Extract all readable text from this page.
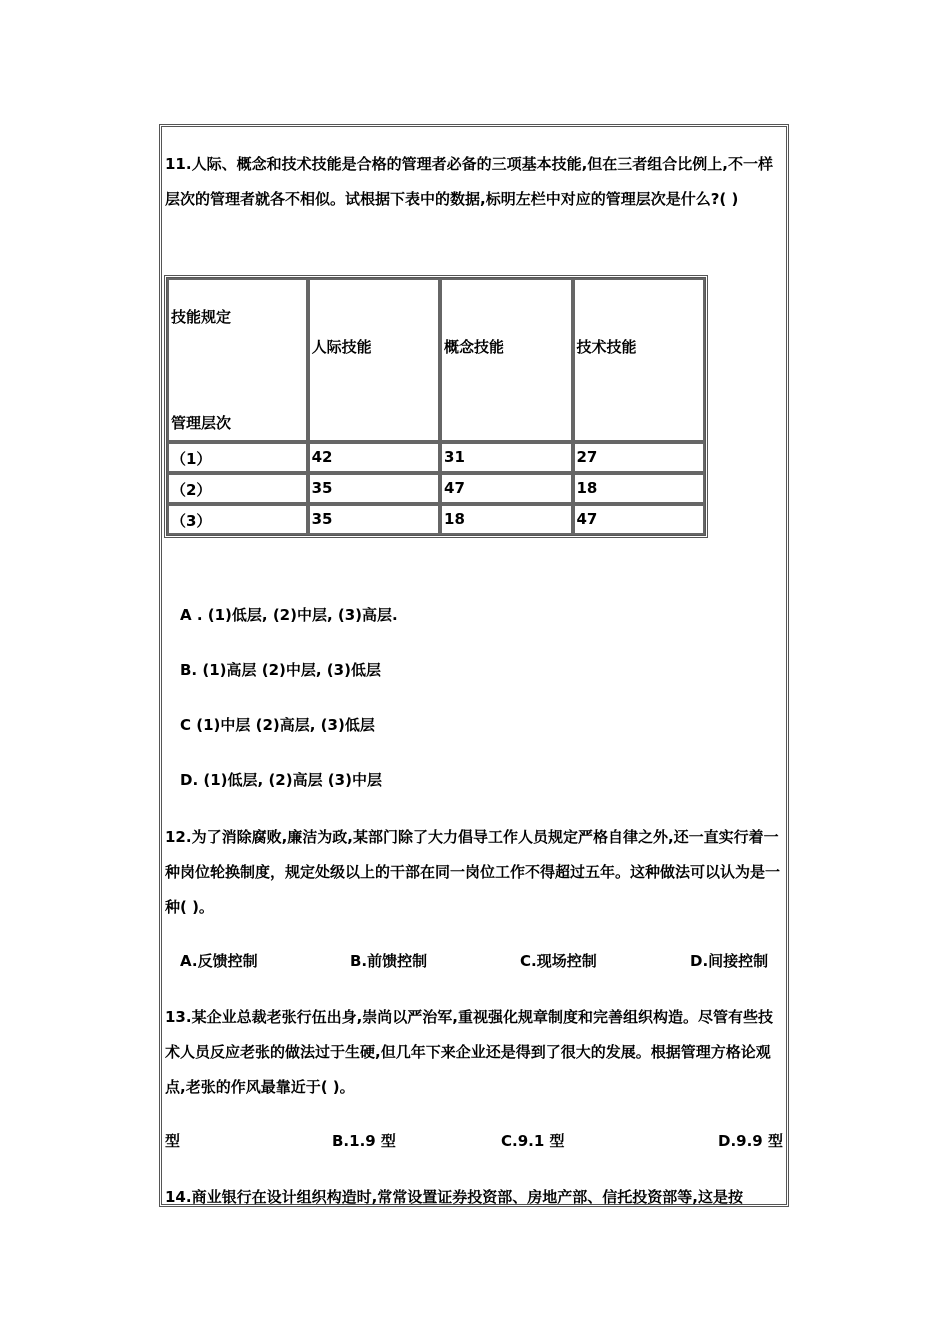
11.人际、概念和技术技能是合格的管理者必备的三项基本技能,但在三者组合比例上,不一样层次的管理者就各不相似。试根据下表中的数据,标明左栏中对应的管理层次是什么?( )

技能规定
管理层次	人际技能	概念技能	技术技能
（1）	42	31	27
（2）	35	47	18
（3）	35	18	47

A . (1)低层, (2)中层, (3)高层.

B. (1)高层 (2)中层, (3)低层

C (1)中层 (2)高层, (3)低层

D. (1)低层, (2)高层 (3)中层

12.为了消除腐败,廉洁为政,某部门除了大力倡导工作人员规定严格自律之外,还一直实行着一种岗位轮换制度，规定处级以上的干部在同一岗位工作不得超过五年。这种做法可以认为是一种( )。

A.反馈控制	B.前馈控制	C.现场控制	D.间接控制

13.某企业总裁老张行伍出身,崇尚以严治军,重视强化规章制度和完善组织构造。尽管有些技术人员反应老张的做法过于生硬,但几年下来企业还是得到了很大的发展。根据管理方格论观点,老张的作风最靠近于( )。

型	B.1.9 型	C.9.1 型	D.9.9 型

14.商业银行在设计组织构造时,常常设置证券投资部、房地产部、信托投资部等,这是按
